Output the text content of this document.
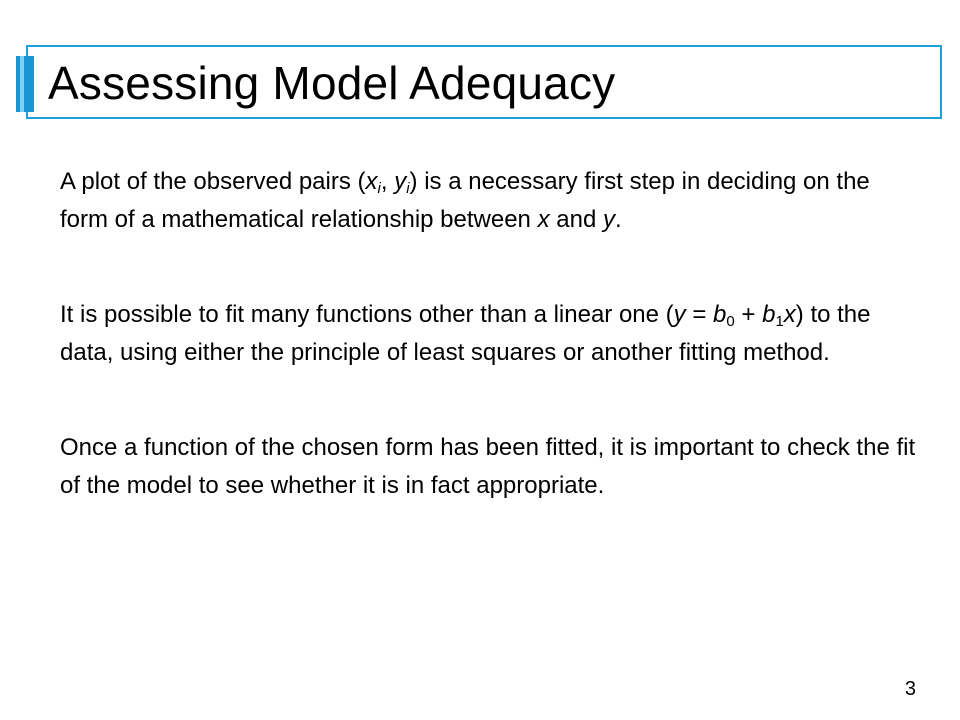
Assessing Model Adequacy

A plot of the observed pairs ($x_i$, $y_i$) is a necessary first step in deciding on the form of a mathematical relationship between x and y.

It is possible to fit many functions other than a linear one $(y = b_0 + b_1x)$ to the data, using either the principle of least squares or another fitting method.

Once a function of the chosen form has been fitted, it is important to check the fit of the model to see whether it is in fact appropriate.

3
